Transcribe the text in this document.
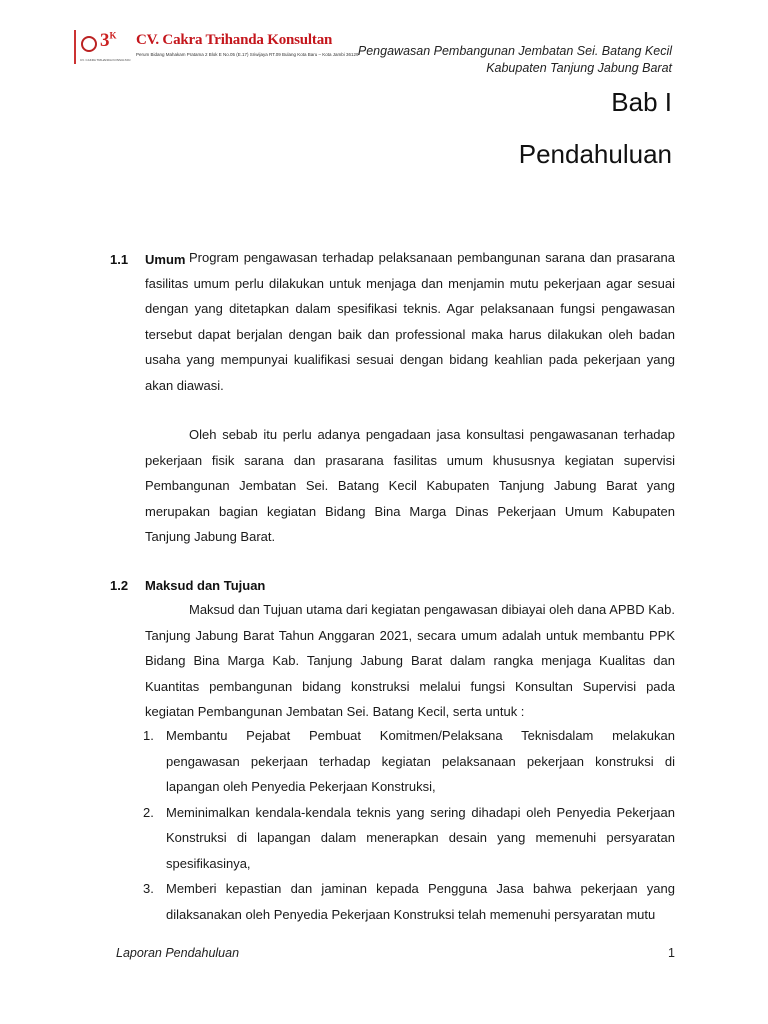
$3^K$
CV. CAKRA TRIHANDA KONSULTAN
CV. Cakra Trihanda Konsultan
Perum Bidang Mahakam Pratama 2 Blok E No.05 (E.17) Sriwijaya RT.09 Bulang Kota Baru – Kota Jambi 36129 Pengawasan Pembangunan Jembatan Sei. Batang Kecil
Kabupaten Tanjung Jabung Barat
Bab I
Pendahuluan
1.1 Umum Program pengawasan terhadap pelaksanaan pembangunan sarana dan prasarana fasilitas umum perlu dilakukan untuk menjaga dan menjamin mutu pekerjaan agar sesuai dengan yang ditetapkan dalam spesifikasi teknis. Agar pelaksanaan fungsi pengawasan tersebut dapat berjalan dengan baik dan professional maka harus dilakukan oleh badan usaha yang mempunyai kualifikasi sesuai dengan bidang keahlian pada pekerjaan yang akan diawasi.
Oleh sebab itu perlu adanya pengadaan jasa konsultasi pengawasanan terhadap pekerjaan fisik sarana dan prasarana fasilitas umum khususnya kegiatan supervisi Pembangunan Jembatan Sei. Batang Kecil Kabupaten Tanjung Jabung Barat yang merupakan bagian kegiatan Bidang Bina Marga Dinas Pekerjaan Umum Kabupaten Tanjung Jabung Barat.
1.2 Maksud dan Tujuan
Maksud dan Tujuan utama dari kegiatan pengawasan dibiayai oleh dana APBD Kab. Tanjung Jabung Barat Tahun Anggaran 2021, secara umum adalah untuk membantu PPK Bidang Bina Marga Kab. Tanjung Jabung Barat dalam rangka menjaga Kualitas dan Kuantitas pembangunan bidang konstruksi melalui fungsi Konsultan Supervisi pada kegiatan Pembangunan Jembatan Sei. Batang Kecil, serta untuk :
1. Membantu Pejabat Pembuat Komitmen/Pelaksana Teknisdalam melakukan pengawasan pekerjaan terhadap kegiatan pelaksanaan pekerjaan konstruksi di lapangan oleh Penyedia Pekerjaan Konstruksi,
2. Meminimalkan kendala-kendala teknis yang sering dihadapi oleh Penyedia Pekerjaan Konstruksi di lapangan dalam menerapkan desain yang memenuhi persyaratan spesifikasinya,
3. Memberi kepastian dan jaminan kepada Pengguna Jasa bahwa pekerjaan yang dilaksanakan oleh Penyedia Pekerjaan Konstruksi telah memenuhi persyaratan mutu
Laporan Pendahuluan	1
